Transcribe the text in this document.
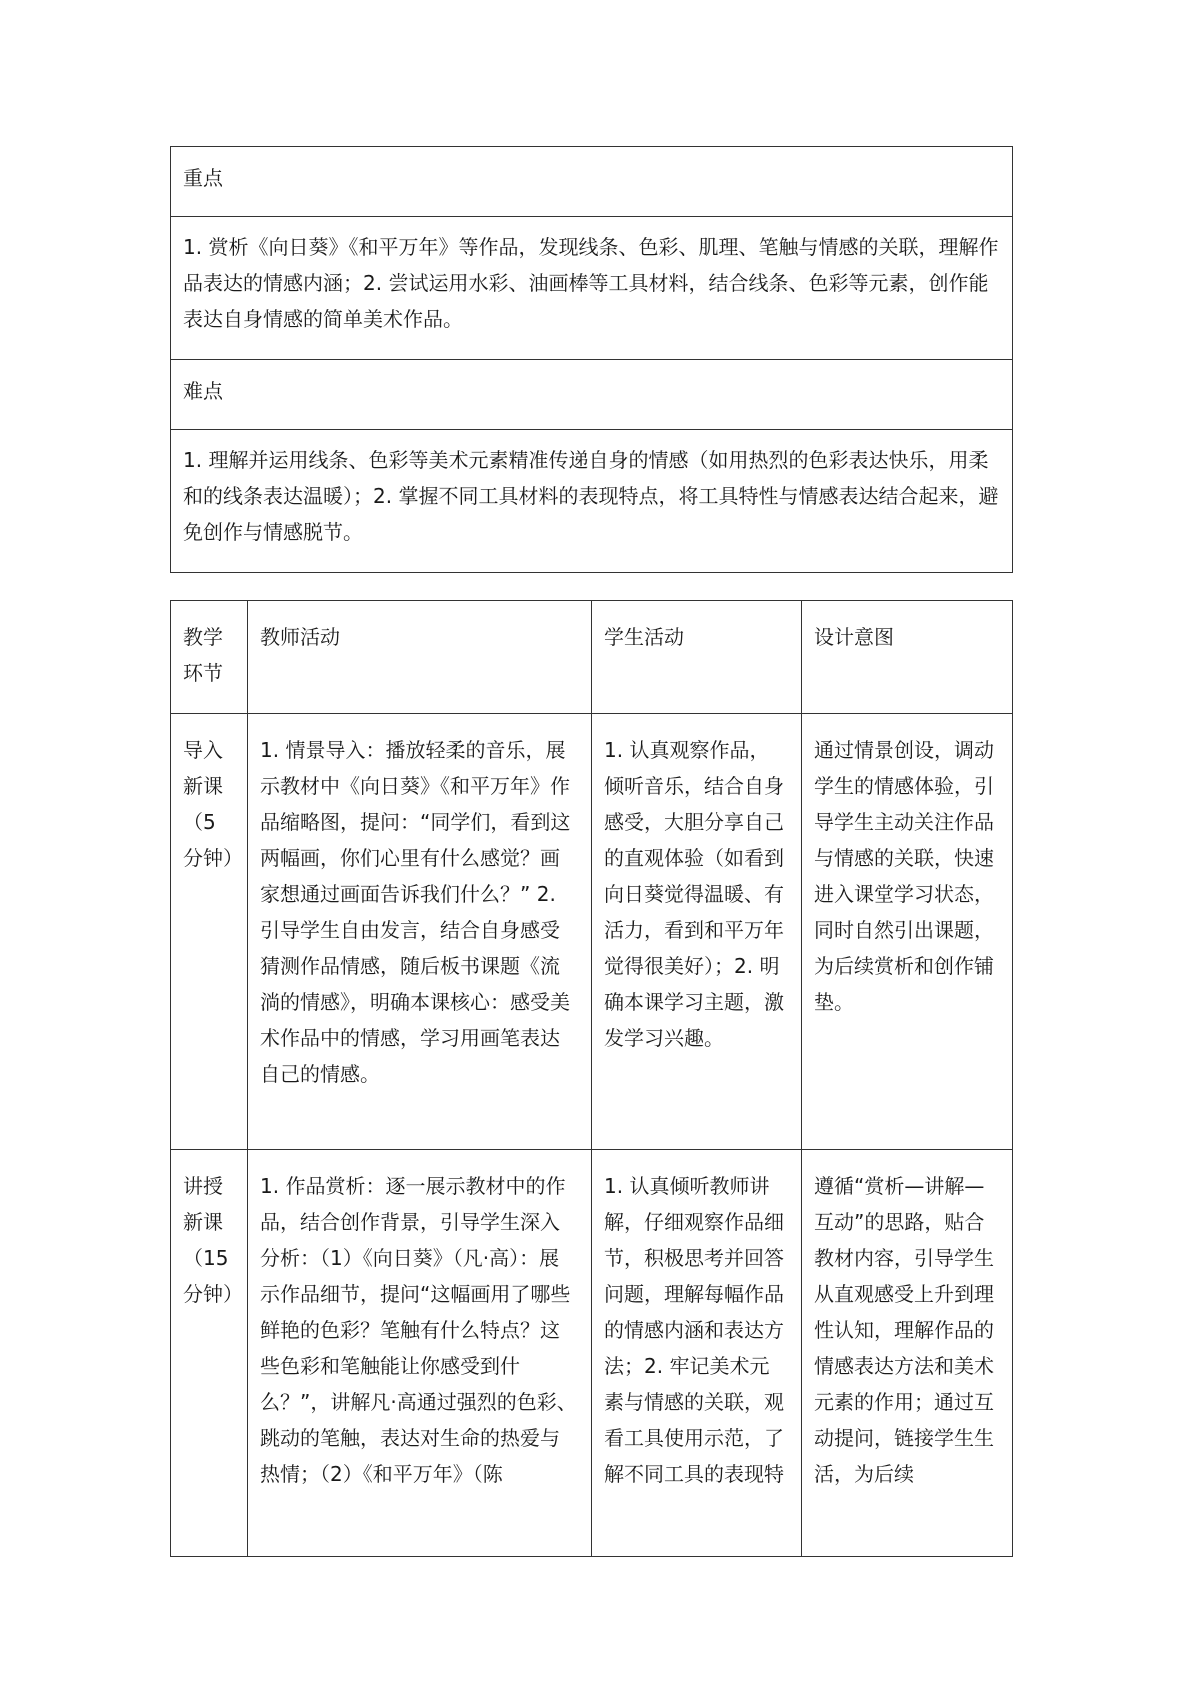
重点
1. 赏析《向日葵》《和平万年》等作品，发现线条、色彩、肌理、笔触与情感的关联，理解作品表达的情感内涵；2. 尝试运用水彩、油画棒等工具材料，结合线条、色彩等元素，创作能表达自身情感的简单美术作品。
难点
1. 理解并运用线条、色彩等美术元素精准传递自身的情感（如用热烈的色彩表达快乐，用柔和的线条表达温暖）；2. 掌握不同工具材料的表现特点，将工具特性与情感表达结合起来，避免创作与情感脱节。
教学环节	教师活动	学生活动	设计意图
导入新课（5分钟）	1. 情景导入：播放轻柔的音乐，展示教材中《向日葵》《和平万年》作品缩略图，提问：“同学们，看到这两幅画，你们心里有什么感觉？画家想通过画面告诉我们什么？” 2. 引导学生自由发言，结合自身感受猜测作品情感，随后板书课题《流淌的情感》，明确本课核心：感受美术作品中的情感，学习用画笔表达自己的情感。	1. 认真观察作品，倾听音乐，结合自身感受，大胆分享自己的直观体验（如看到向日葵觉得温暖、有活力，看到和平万年觉得很美好）；2. 明确本课学习主题，激发学习兴趣。	通过情景创设，调动学生的情感体验，引导学生主动关注作品与情感的关联，快速进入课堂学习状态，同时自然引出课题，为后续赏析和创作铺垫。
讲授新课（15分钟）	1. 作品赏析：逐一展示教材中的作品，结合创作背景，引导学生深入分析：（1）《向日葵》（凡·高）：展示作品细节，提问“这幅画用了哪些鲜艳的色彩？笔触有什么特点？这些色彩和笔触能让你感受到什么？”，讲解凡·高通过强烈的色彩、跳动的笔触，表达对生命的热爱与热情；（2）《和平万年》（陈	1. 认真倾听教师讲解，仔细观察作品细节，积极思考并回答问题，理解每幅作品的情感内涵和表达方法；2. 牢记美术元素与情感的关联，观看工具使用示范，了解不同工具的表现特	遵循“赏析—讲解—互动”的思路，贴合教材内容，引导学生从直观感受上升到理性认知，理解作品的情感表达方法和美术元素的作用；通过互动提问，链接学生生活，为后续
